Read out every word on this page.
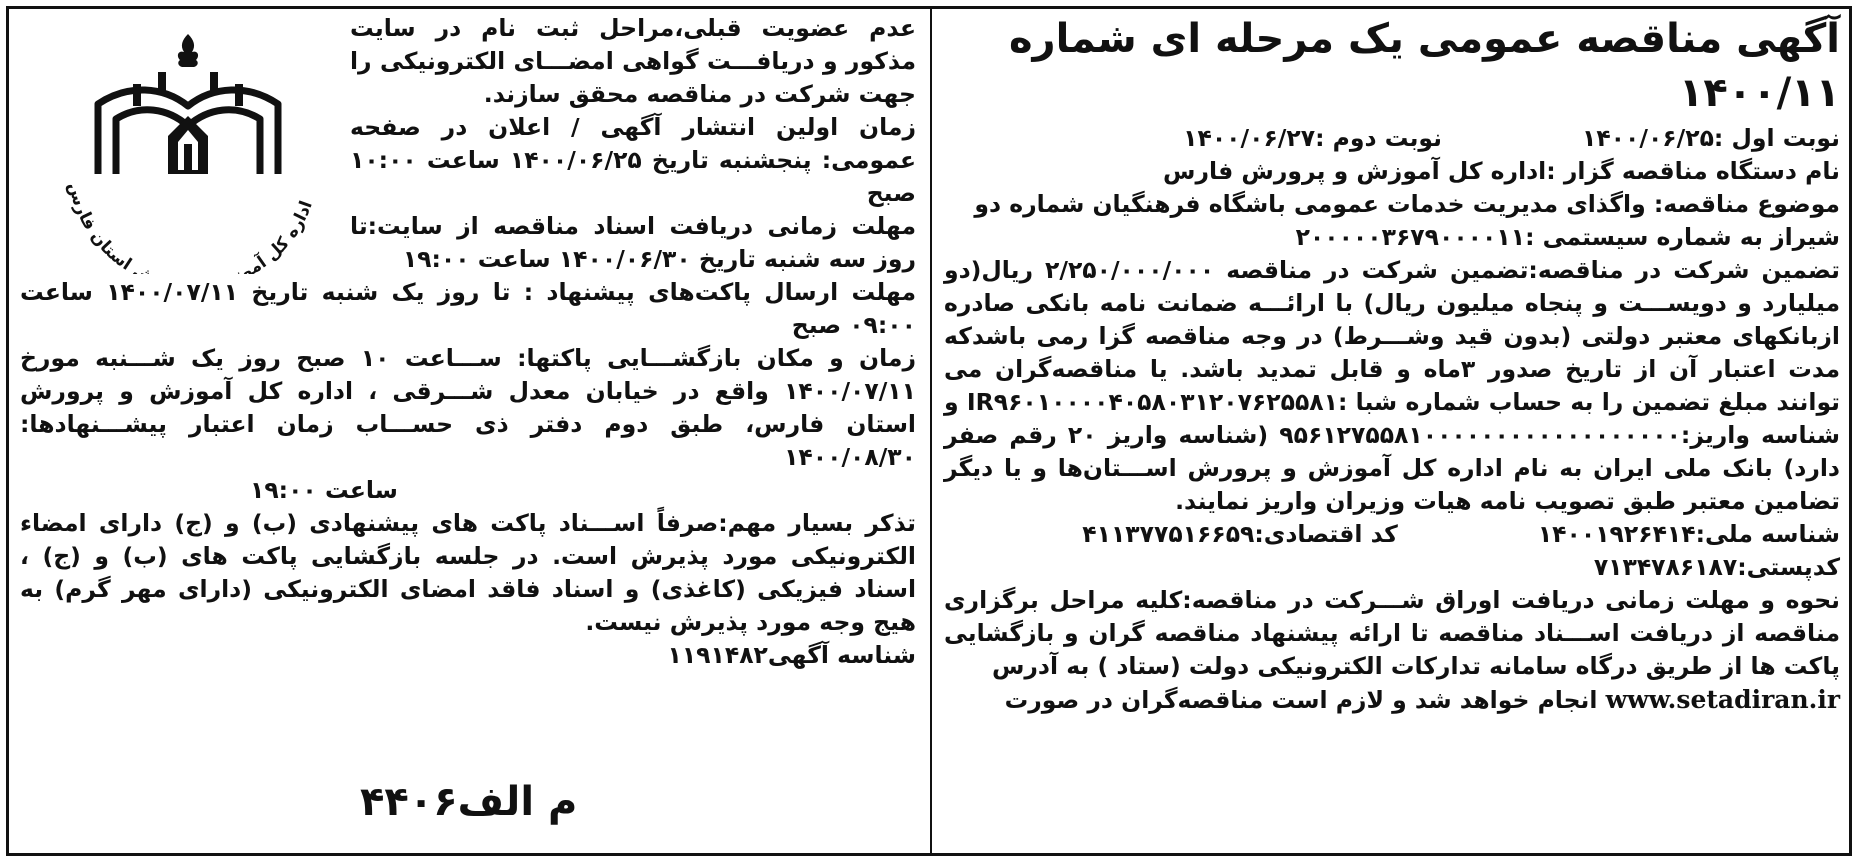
آگهی مناقصه عمومی یک مرحله ای شماره ۱۴۰۰/۱۱
نوبت اول :۱۴۰۰/۰۶/۲۵
نوبت دوم :۱۴۰۰/۰۶/۲۷
نام دستگاه مناقصه گزار :اداره کل آموزش و پرورش فارس
موضوع مناقصه: واگذای مدیریت خدمات عمومی باشگاه فرهنگیان شماره دو
شیراز به شماره سیستمی :۲۰۰۰۰۰۳۶۷۹۰۰۰۰۱۱
تضمین شرکت در مناقصه:تضمین شرکت در مناقصه ۲/۲۵۰/۰۰۰/۰۰۰ ریال(دو میلیارد و دویســـت و پنجاه میلیون ریال) با ارائـــه ضمانت نامه بانکی صادره ازبانکهای معتبر دولتی (بدون قید وشـــرط) در وجه مناقصه گزا رمی باشدکه مدت اعتبار آن از تاریخ صدور ۳ماه و قابل تمدید باشد. یا مناقصه‌گران می توانند مبلغ تضمین را به حساب شماره شبا :IR۹۶۰۱۰۰۰۰۴۰۵۸۰۳۱۲۰۷۶۲۵۵۸۱ و شناسه واریز:۹۵۶۱۲۷۵۵۸۱۰۰۰۰۰۰۰۰۰۰۰۰۰۰۰۰۰۰ (شناسه واریز ۲۰ رقم صفر دارد) بانک ملی ایران به نام اداره کل آموزش و پرورش اســـتان‌ها و یا دیگر تضامین معتبر طبق تصویب نامه هیات وزیران واریز نمایند.
شناسه ملی:۱۴۰۰۱۹۲۶۴۱۴
کد اقتصادی:۴۱۱۳۷۷۵۱۶۶۵۹
کدپستی:۷۱۳۴۷۸۶۱۸۷
نحوه و مهلت زمانی دریافت اوراق شـــرکت در مناقصه:کلیه مراحل برگزاری مناقصه از دریافت اســـناد مناقصه تا ارائه پیشنهاد مناقصه گران و بازگشایی پاکت ها از طریق درگاه سامانه تدارکات الکترونیکی دولت (ستاد ) به آدرس
www.setadiran.ir انجام خواهد شد و لازم است مناقصه‌گران در صورت
عدم عضویت قبلی،مراحل ثبت نام در سایت مذکور و دریافـــت گواهی امضـــای الکترونیکی را جهت شرکت در مناقصه محقق سازند.
زمان اولین انتشار آگهی / اعلان در صفحه عمومی: پنجشنبه تاریخ ۱۴۰۰/۰۶/۲۵ ساعت ۱۰:۰۰ صبح
مهلت زمانی دریافت اسناد مناقصه از سایت:تا روز سه شنبه تاریخ ۱۴۰۰/۰۶/۳۰ ساعت ۱۹:۰۰
مهلت ارسال پاکت‌های پیشنهاد : تا روز یک شنبه تاریخ ۱۴۰۰/۰۷/۱۱ ساعت ۰۹:۰۰ صبح
زمان و مکان بازگشـــایی پاکتها: ســـاعت ۱۰ صبح روز یک شـــنبه مورخ ۱۴۰۰/۰۷/۱۱ واقع در خیابان معدل شـــرقی ، اداره کل آموزش و پرورش استان فارس، طبق دوم دفتر ذی حســـاب زمان اعتبار پیشـــنهادها: ۱۴۰۰/۰۸/۳۰
ساعت ۱۹:۰۰
تذکر بسیار مهم:صرفاً اســـناد پاکت های پیشنهادی (ب) و (ج) دارای امضاء الکترونیکی مورد پذیرش است. در جلسه بازگشایی پاکت های (ب) و (ج) ، اسناد فیزیکی (کاغذی) و اسناد فاقد امضای الکترونیکی (دارای مهر گرم) به هیج وجه مورد پذیرش نیست.
شناسه آگهی۱۱۹۱۴۸۲
اداره کل آمو استان فارس
م الف۴۴۰۶
